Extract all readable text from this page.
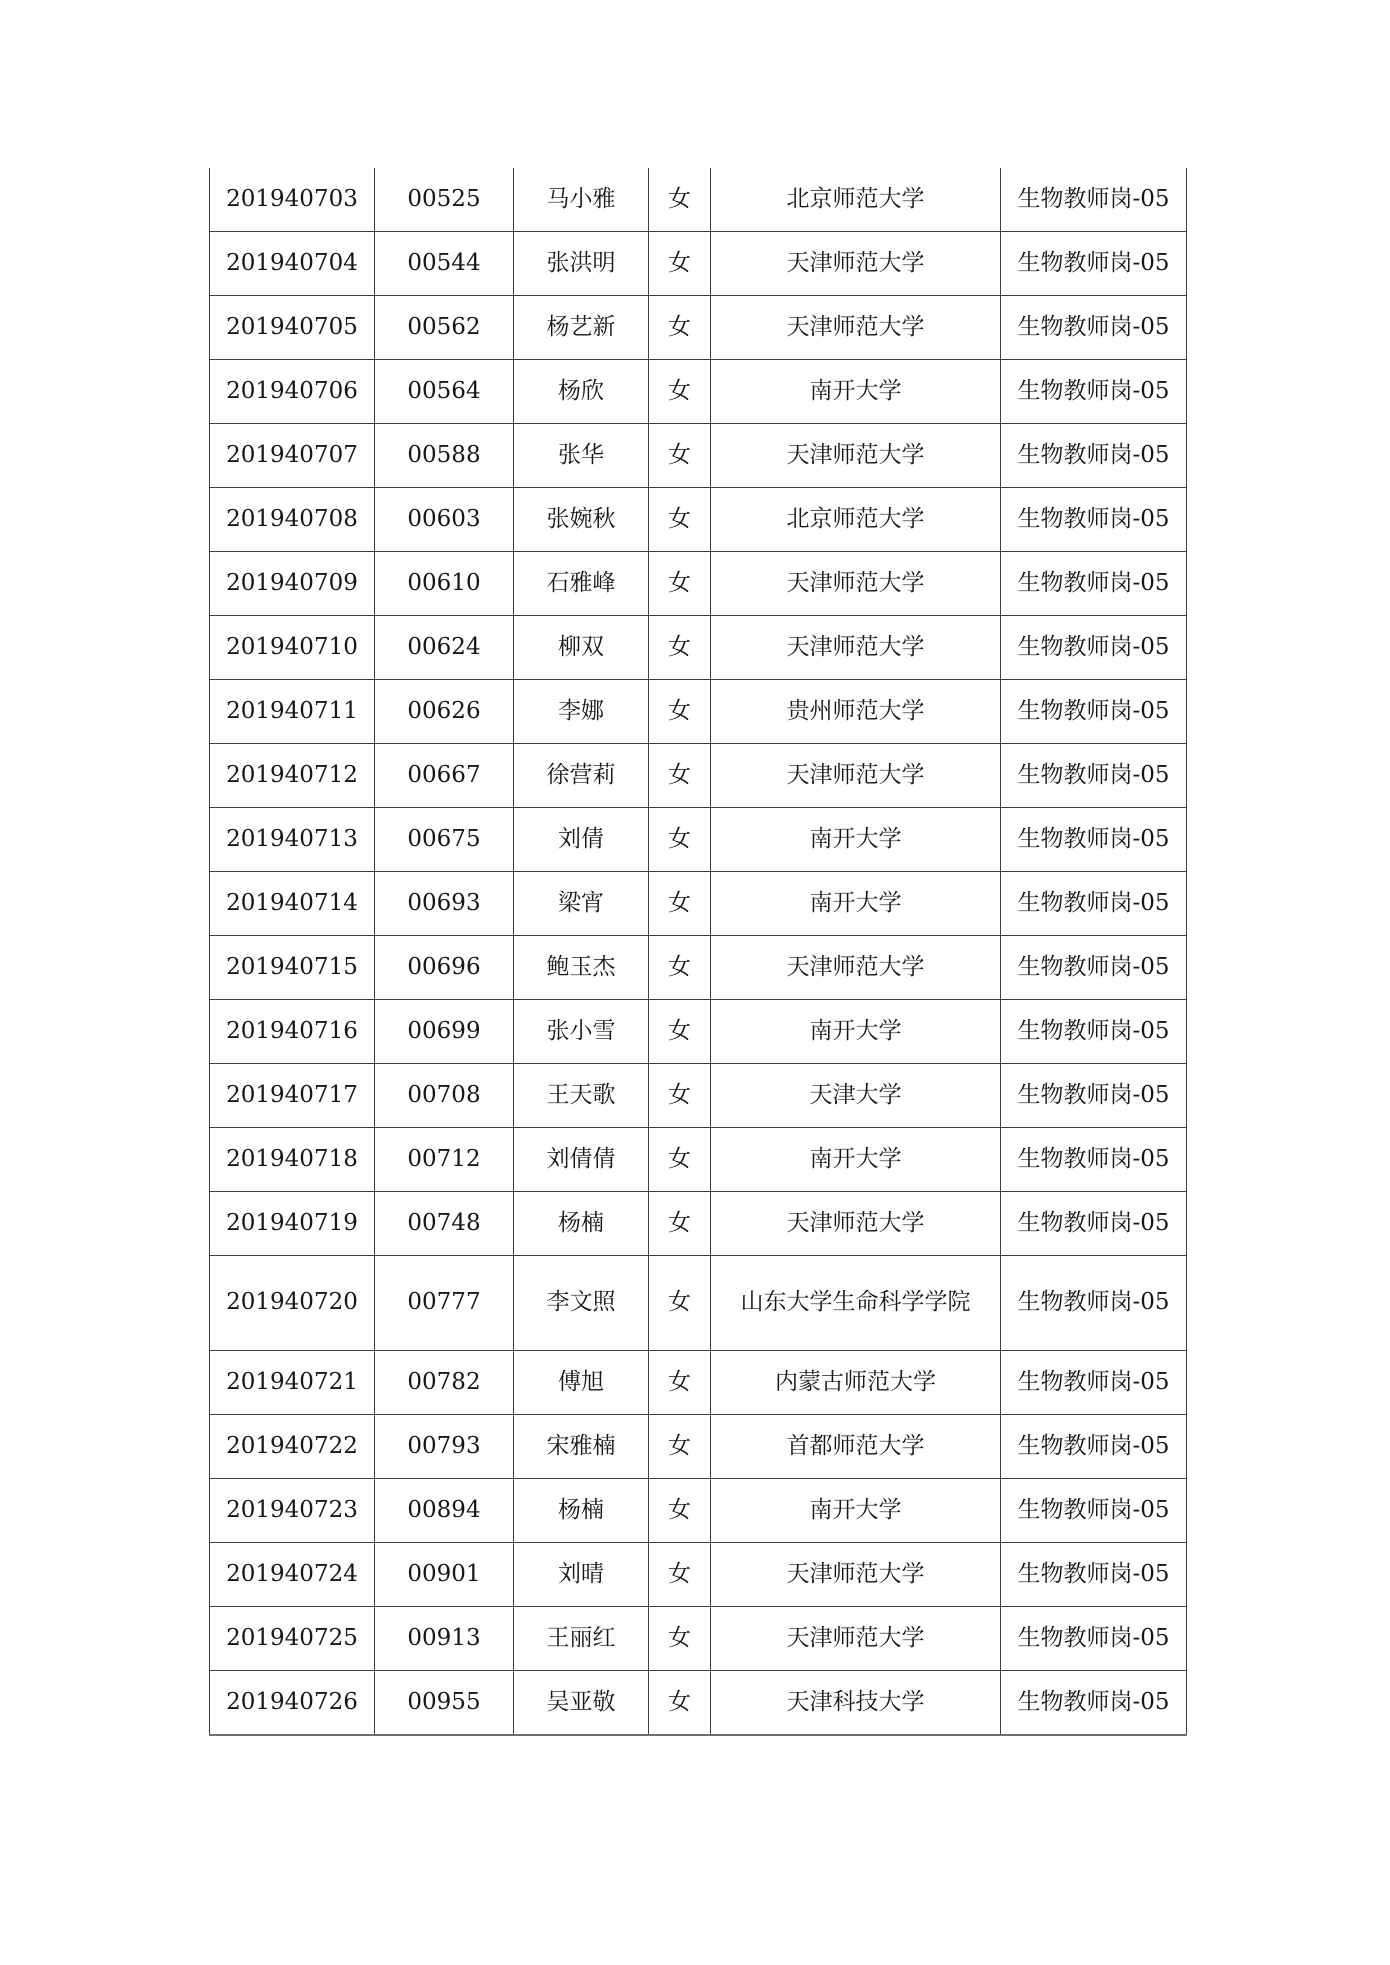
201940703	00525	马小雅	女	北京师范大学	生物教师岗-05
201940704	00544	张洪明	女	天津师范大学	生物教师岗-05
201940705	00562	杨艺新	女	天津师范大学	生物教师岗-05
201940706	00564	杨欣	女	南开大学	生物教师岗-05
201940707	00588	张华	女	天津师范大学	生物教师岗-05
201940708	00603	张婉秋	女	北京师范大学	生物教师岗-05
201940709	00610	石雅峰	女	天津师范大学	生物教师岗-05
201940710	00624	柳双	女	天津师范大学	生物教师岗-05
201940711	00626	李娜	女	贵州师范大学	生物教师岗-05
201940712	00667	徐营莉	女	天津师范大学	生物教师岗-05
201940713	00675	刘倩	女	南开大学	生物教师岗-05
201940714	00693	梁宵	女	南开大学	生物教师岗-05
201940715	00696	鲍玉杰	女	天津师范大学	生物教师岗-05
201940716	00699	张小雪	女	南开大学	生物教师岗-05
201940717	00708	王天歌	女	天津大学	生物教师岗-05
201940718	00712	刘倩倩	女	南开大学	生物教师岗-05
201940719	00748	杨楠	女	天津师范大学	生物教师岗-05
201940720	00777	李文照	女	山东大学生命科学学院	生物教师岗-05
201940721	00782	傅旭	女	内蒙古师范大学	生物教师岗-05
201940722	00793	宋雅楠	女	首都师范大学	生物教师岗-05
201940723	00894	杨楠	女	南开大学	生物教师岗-05
201940724	00901	刘晴	女	天津师范大学	生物教师岗-05
201940725	00913	王丽红	女	天津师范大学	生物教师岗-05
201940726	00955	吴亚敬	女	天津科技大学	生物教师岗-05
